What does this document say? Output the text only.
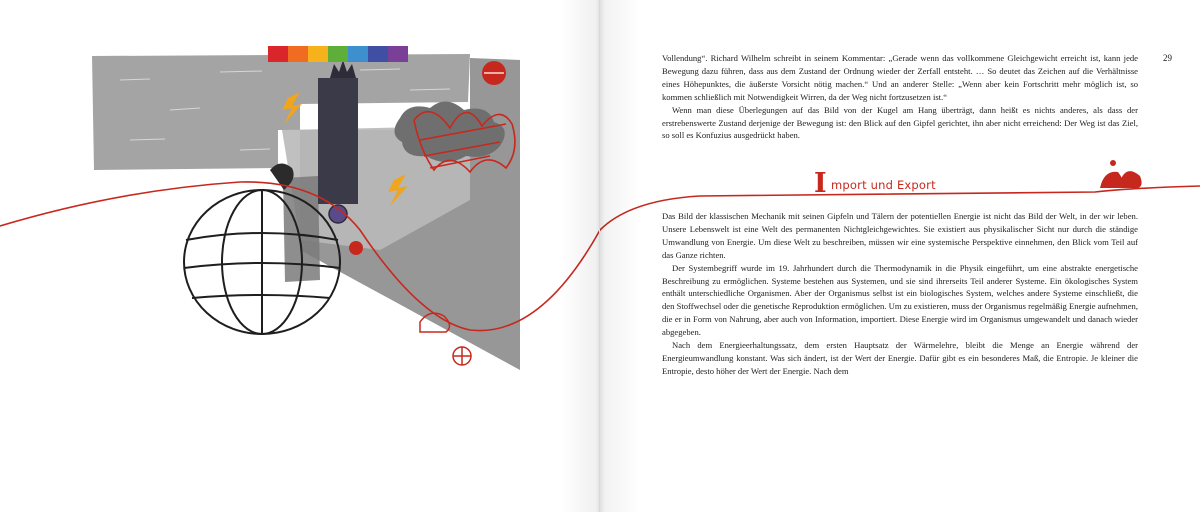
29

Vollendung“. Richard Wilhelm schreibt in seinem Kommentar: „Gerade wenn das vollkommene Gleichgewicht erreicht ist, kann jede Bewegung dazu führen, dass aus dem Zustand der Ordnung wieder der Zerfall entsteht. … So deutet das Zeichen auf die Verhältnisse eines Höhepunktes, die äußerste Vorsicht nötig machen.“ Und an anderer Stelle: „Wenn aber kein Fortschritt mehr möglich ist, so kommen schließlich mit Notwendigkeit Wirren, da der Weg nicht fortzusetzen ist.“

Wenn man diese Überlegungen auf das Bild von der Kugel am Hang überträgt, dann heißt es nichts anderes, als dass der erstrebenswerte Zustand derjenige der Bewegung ist: den Blick auf den Gipfel gerichtet, ihn aber nicht erreichend: Der Weg ist das Ziel, so soll es Konfuzius ausgedrückt haben.

I mport und Export

Das Bild der klassischen Mechanik mit seinen Gipfeln und Tälern der potentiellen Energie ist nicht das Bild der Welt, in der wir leben. Unsere Lebenswelt ist eine Welt des permanenten Nichtgleichgewichtes. Sie existiert aus physikalischer Sicht nur durch die ständige Umwandlung von Energie. Um diese Welt zu beschreiben, müssen wir eine systemische Perspektive einnehmen, den Blick vom Teil auf das Ganze richten.

Der Systembegriff wurde im 19. Jahrhundert durch die Thermodynamik in die Physik eingeführt, um eine abstrakte energetische Beschreibung zu ermöglichen. Systeme bestehen aus Systemen, und sie sind ihrerseits Teil anderer Systeme. Ein ökologisches System enthält unterschiedliche Organismen. Aber der Organismus selbst ist ein biologisches System, welches andere Systeme einschließt, die den Stoffwechsel oder die genetische Reproduktion ermöglichen. Um zu existieren, muss der Organismus regelmäßig Energie aufnehmen, die er in Form von Nahrung, aber auch von Information, importiert. Diese Energie wird im Organismus umgewandelt und danach wieder abgegeben.

Nach dem Energieerhaltungssatz, dem ersten Hauptsatz der Wärmelehre, bleibt die Menge an Energie während der Energieumwandlung konstant. Was sich ändert, ist der Wert der Energie. Dafür gibt es ein besonderes Maß, die Entropie. Je kleiner die Entropie, desto höher der Wert der Energie. Nach dem
